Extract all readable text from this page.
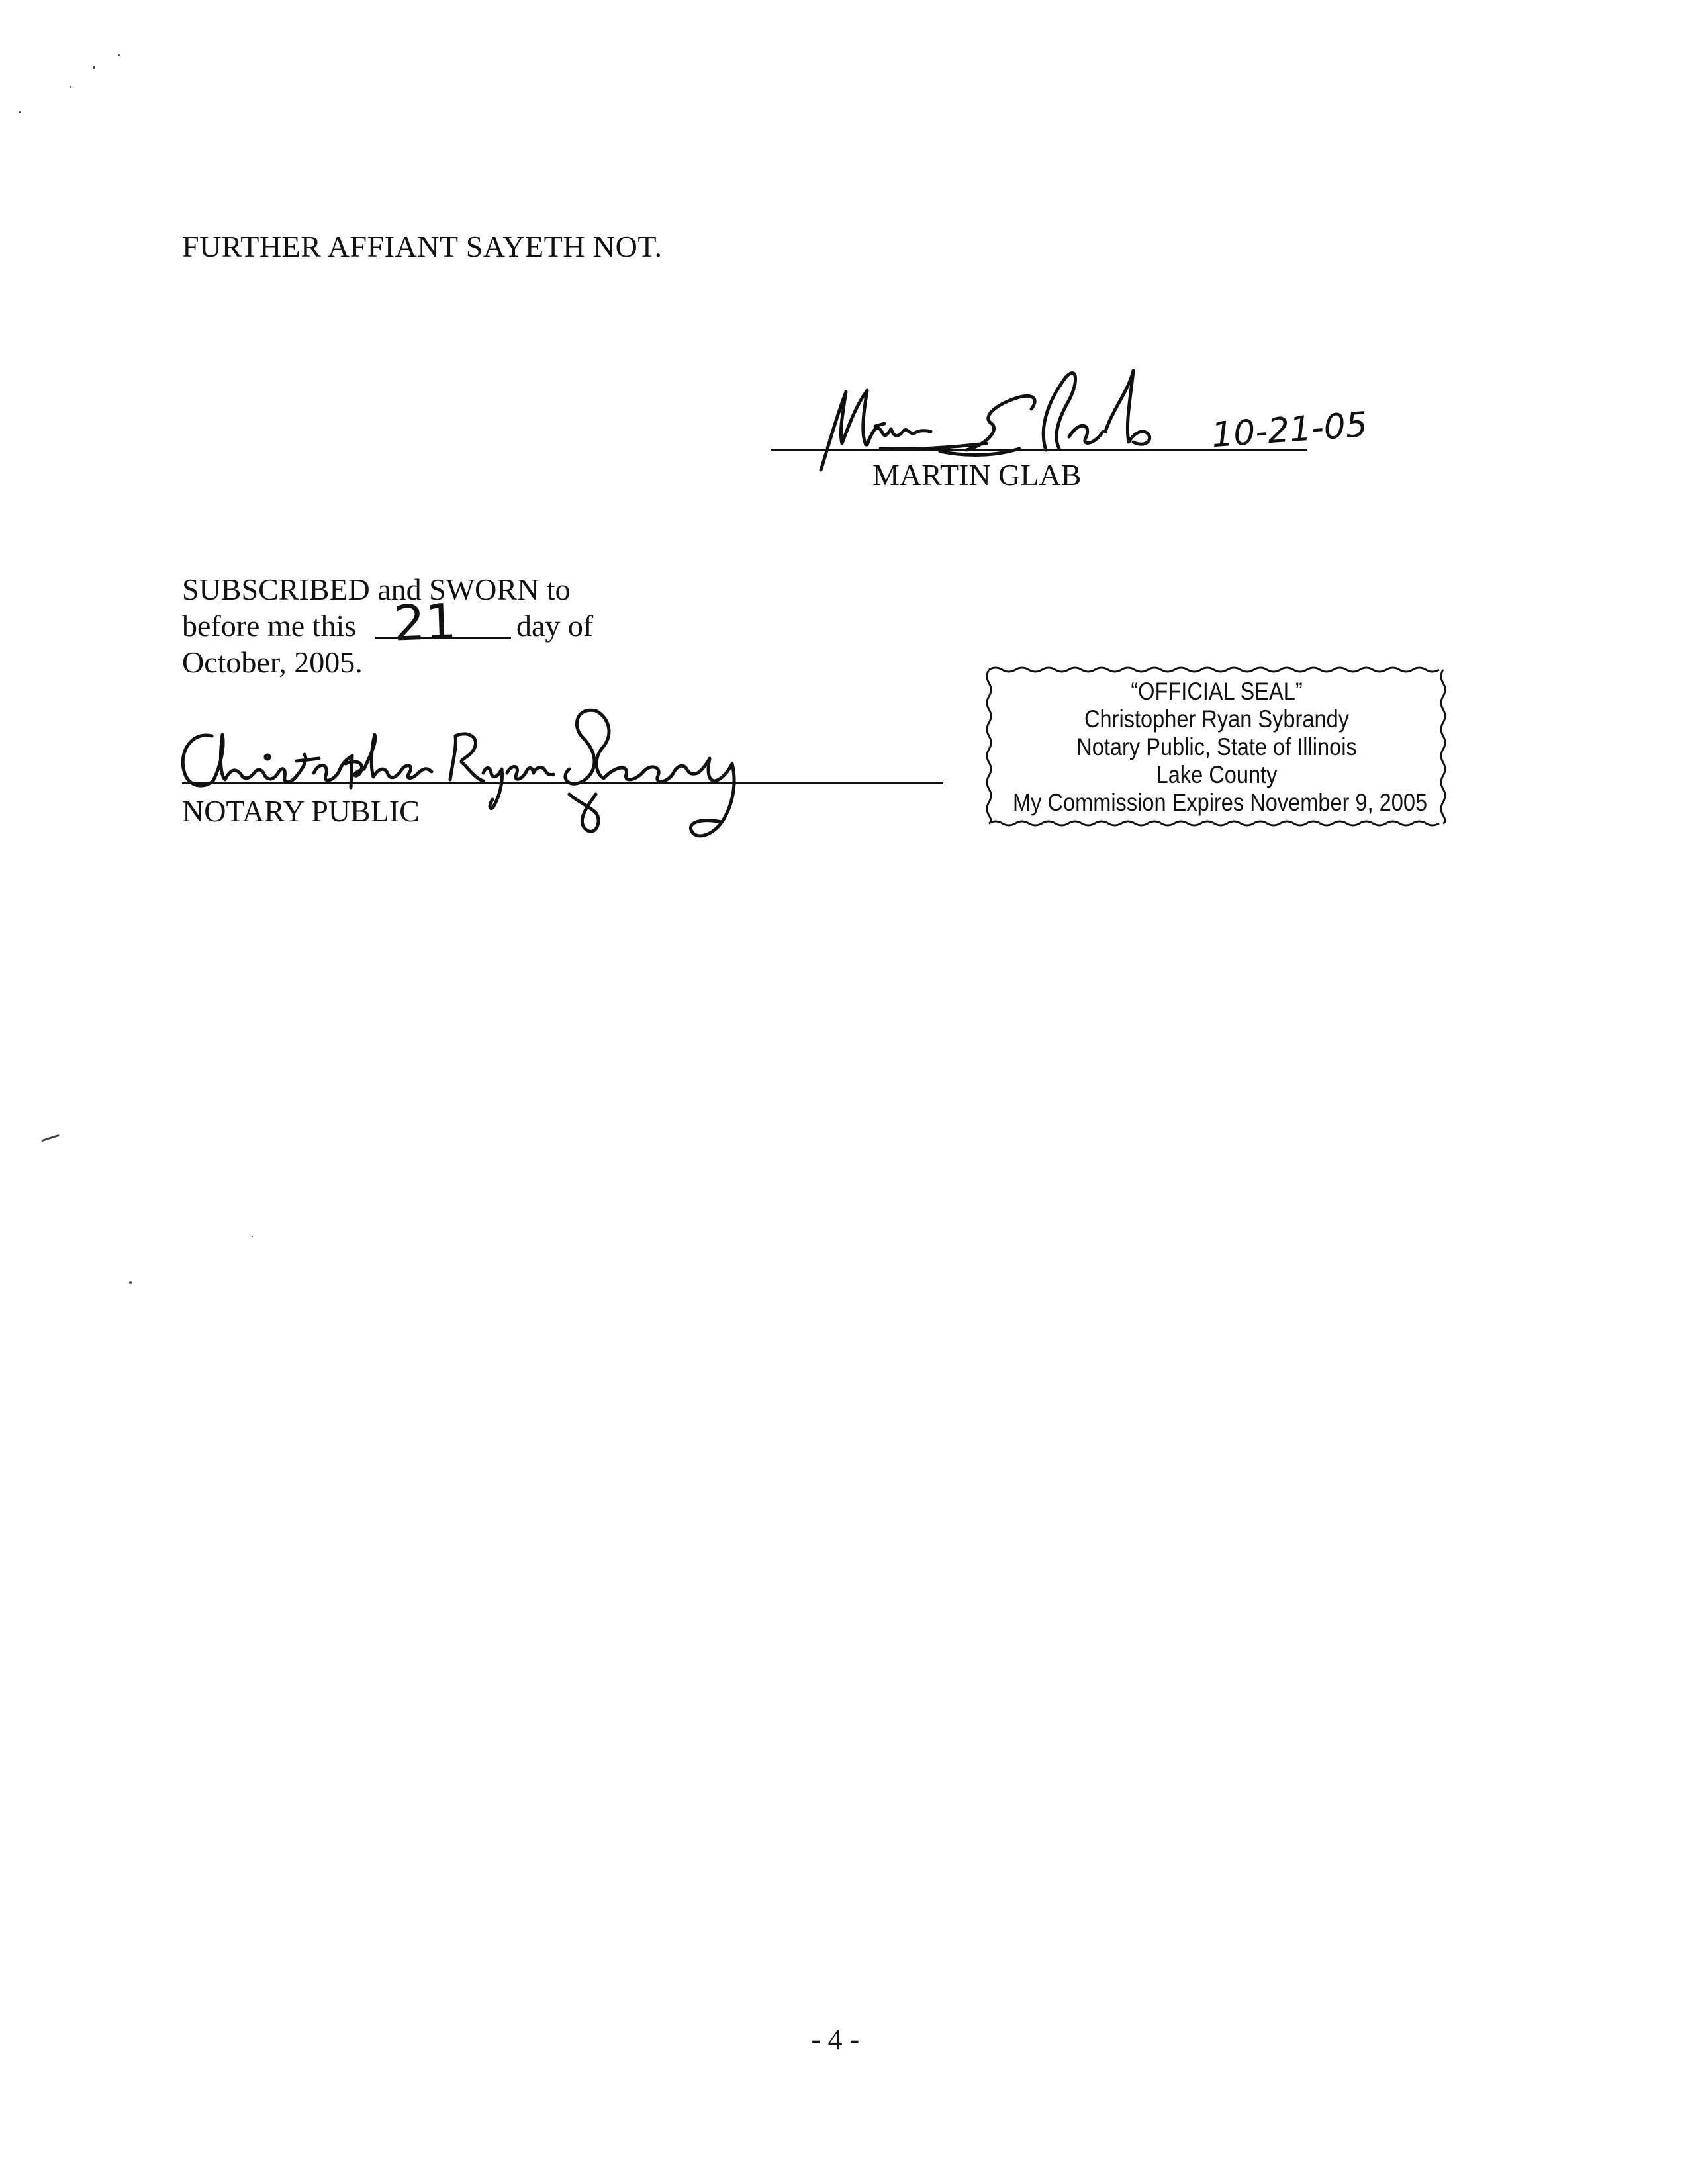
FURTHER AFFIANT SAYETH NOT.
10-21-05
MARTIN GLAB
SUBSCRIBED and SWORN to
before me this 21 day of
October, 2005.
NOTARY PUBLIC
“OFFICIAL SEAL”
Christopher Ryan Sybrandy
Notary Public, State of Illinois
Lake County
My Commission Expires November 9, 2005
- 4 -
